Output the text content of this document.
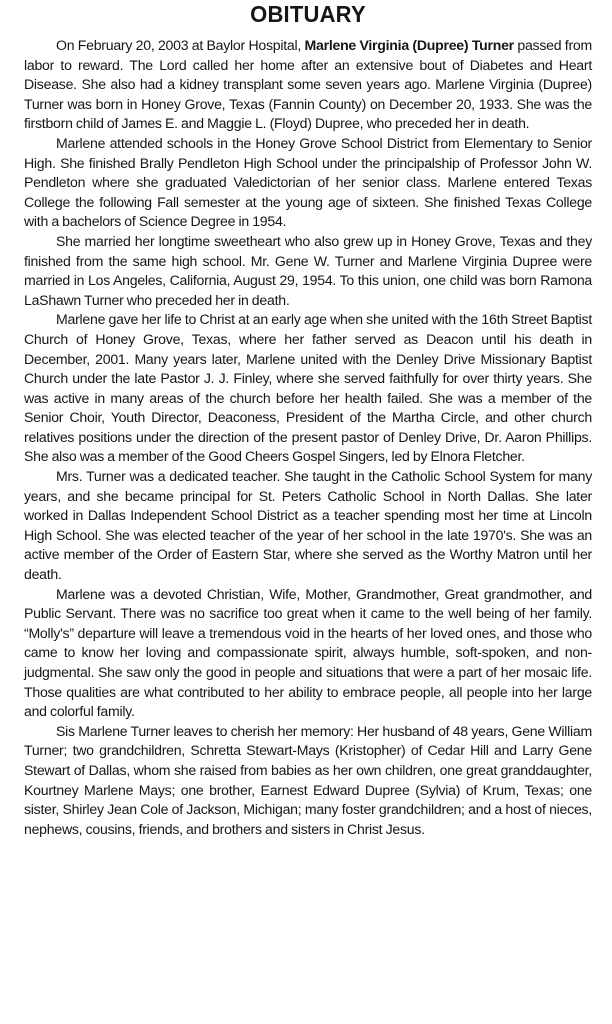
OBITUARY

On February 20, 2003 at Baylor Hospital, Marlene Virginia (Dupree) Turner passed from labor to reward. The Lord called her home after an extensive bout of Diabetes and Heart Disease. She also had a kidney transplant some seven years ago. Marlene Virginia (Dupree) Turner was born in Honey Grove, Texas (Fannin County) on December 20, 1933. She was the firstborn child of James E. and Maggie L. (Floyd) Dupree, who preceded her in death.

Marlene attended schools in the Honey Grove School District from Elementary to Senior High. She finished Brally Pendleton High School under the principalship of Professor John W. Pendleton where she graduated Valedictorian of her senior class. Marlene entered Texas College the following Fall semester at the young age of sixteen. She finished Texas College with a bachelors of Science Degree in 1954.

She married her longtime sweetheart who also grew up in Honey Grove, Texas and they finished from the same high school. Mr. Gene W. Turner and Marlene Virginia Dupree were married in Los Angeles, California, August 29, 1954. To this union, one child was born Ramona LaShawn Turner who preceded her in death.

Marlene gave her life to Christ at an early age when she united with the 16th Street Baptist Church of Honey Grove, Texas, where her father served as Deacon until his death in December, 2001. Many years later, Marlene united with the Denley Drive Missionary Baptist Church under the late Pastor J. J. Finley, where she served faithfully for over thirty years. She was active in many areas of the church before her health failed. She was a member of the Senior Choir, Youth Director, Deaconess, President of the Martha Circle, and other church relatives positions under the direction of the present pastor of Denley Drive, Dr. Aaron Phillips. She also was a member of the Good Cheers Gospel Singers, led by Elnora Fletcher.

Mrs. Turner was a dedicated teacher. She taught in the Catholic School System for many years, and she became principal for St. Peters Catholic School in North Dallas. She later worked in Dallas Independent School District as a teacher spending most her time at Lincoln High School. She was elected teacher of the year of her school in the late 1970's. She was an active member of the Order of Eastern Star, where she served as the Worthy Matron until her death.

Marlene was a devoted Christian, Wife, Mother, Grandmother, Great grandmother, and Public Servant. There was no sacrifice too great when it came to the well being of her family. “Molly's” departure will leave a tremendous void in the hearts of her loved ones, and those who came to know her loving and compassionate spirit, always humble, soft-spoken, and non-judgmental. She saw only the good in people and situations that were a part of her mosaic life. Those qualities are what contributed to her ability to embrace people, all people into her large and colorful family.

Sis Marlene Turner leaves to cherish her memory: Her husband of 48 years, Gene William Turner; two grandchildren, Schretta Stewart-Mays (Kristopher) of Cedar Hill and Larry Gene Stewart of Dallas, whom she raised from babies as her own children, one great granddaughter, Kourtney Marlene Mays; one brother, Earnest Edward Dupree (Sylvia) of Krum, Texas; one sister, Shirley Jean Cole of Jackson, Michigan; many foster grandchildren; and a host of nieces, nephews, cousins, friends, and brothers and sisters in Christ Jesus.
